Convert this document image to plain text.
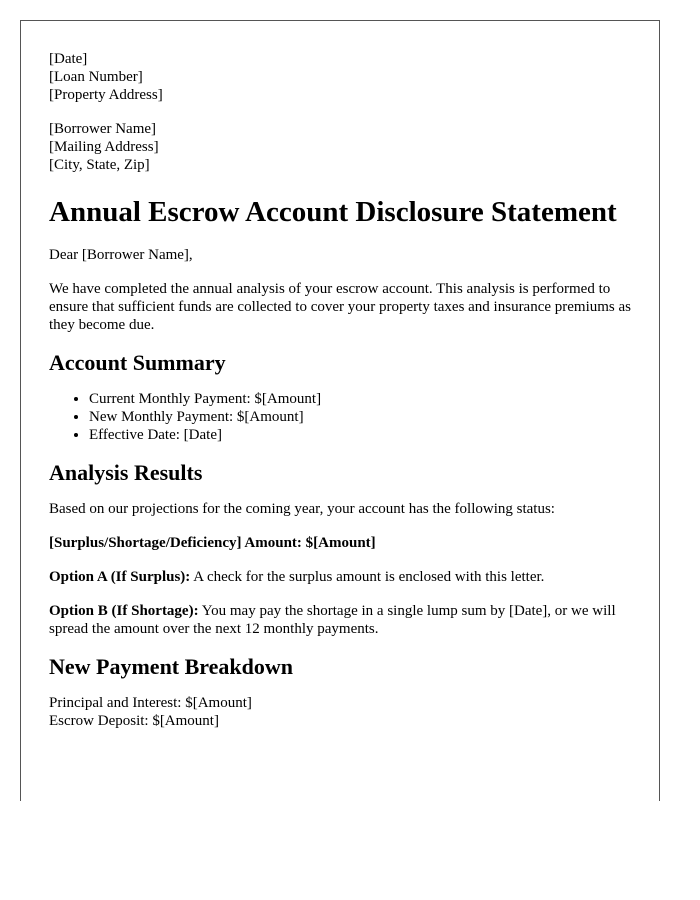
[Date]
[Loan Number]
[Property Address]
[Borrower Name]
[Mailing Address]
[City, State, Zip]
Annual Escrow Account Disclosure Statement

Dear [Borrower Name],

We have completed the annual analysis of your escrow account. This analysis is performed to ensure that sufficient funds are collected to cover your property taxes and insurance premiums as they become due.

Account Summary
• Current Monthly Payment: $[Amount]
• New Monthly Payment: $[Amount]
• Effective Date: [Date]
Analysis Results

Based on our projections for the coming year, your account has the following status:

[Surplus/Shortage/Deficiency] Amount: $[Amount]

Option A (If Surplus): A check for the surplus amount is enclosed with this letter.

Option B (If Shortage): You may pay the shortage in a single lump sum by [Date], or we will spread the amount over the next 12 monthly payments.

New Payment Breakdown
Principal and Interest: $[Amount]
Escrow Deposit: $[Amount]
